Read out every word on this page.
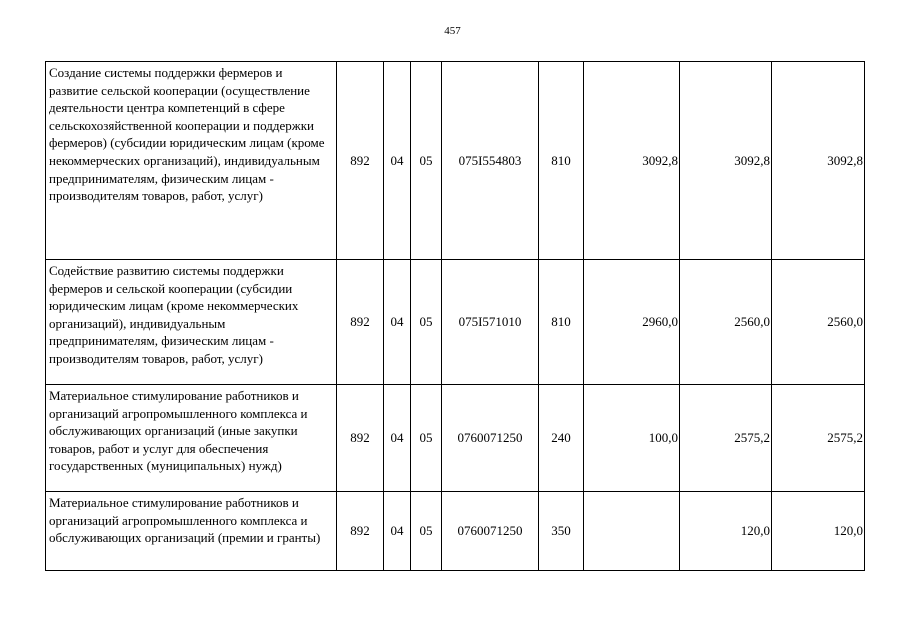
457
Создание системы поддержки фермеров и развитие сельской кооперации (осуществление деятельности центра компетенций в сфере сельскохозяйственной кооперации и поддержки фермеров) (субсидии юридическим лицам (кроме некоммерческих организаций), индивидуальным предпринимателям, физическим лицам - производителям товаров, работ, услуг)	892	04	05	075I554803	810	3092,8	3092,8	3092,8
Содействие развитию системы поддержки фермеров и сельской кооперации (субсидии юридическим лицам (кроме некоммерческих организаций), индивидуальным предпринимателям, физическим лицам - производителям товаров, работ, услуг)	892	04	05	075I571010	810	2960,0	2560,0	2560,0
Материальное стимулирование работников и организаций агропромышленного комплекса и обслуживающих организаций (иные закупки товаров, работ и услуг для обеспечения государственных (муниципальных) нужд)	892	04	05	0760071250	240	100,0	2575,2	2575,2
Материальное стимулирование работников и организаций агропромышленного комплекса и обслуживающих организаций (премии и гранты)	892	04	05	0760071250	350		120,0	120,0
